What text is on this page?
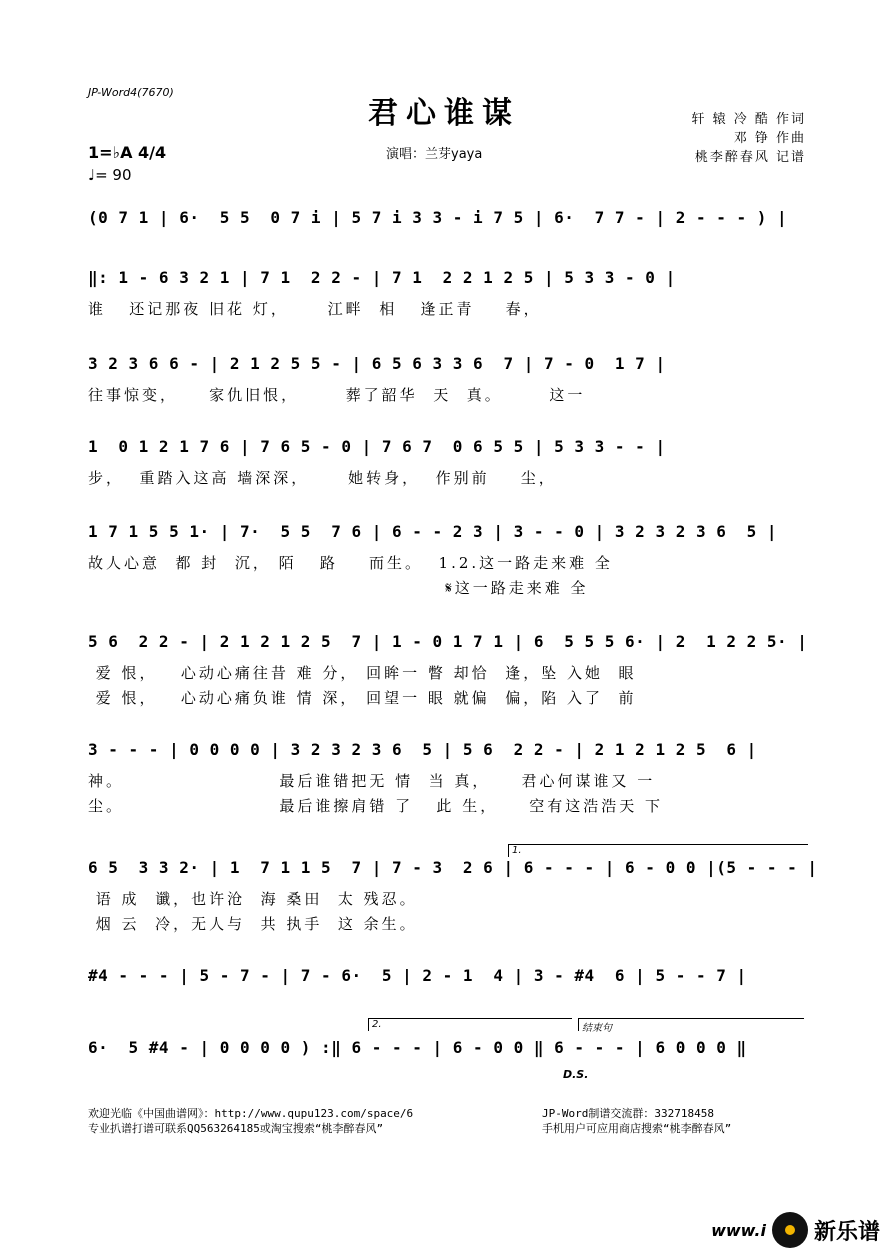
JP-Word4(7670)
君心谁谋
演唱：兰芽yaya
轩 辕 冷 酷 作词
邓 铮 作曲
桃李醉春风 记谱
1=♭A 4/4
♩= 90
(0 7 1 | 6·  5 5  0 7 i | 5 7 i 3 3 - i 7 5 | 6·  7 7 - | 2 - - - ) |
‖: 1 - 6 3 2 1 | 7 1  2 2 - | 7 1  2 2 1 2 5 | 5 3 3 - 0 |
谁   还记那夜 旧花 灯，     江畔  相   逢正青    春，
3 2 3 6 6 - | 2 1 2 5 5 - | 6 5 6 3 3 6  7 | 7 - 0  1 7 |
往事惊变，    家仇旧恨，      葬了韶华  天  真。      这一
1  0 1 2 1 7 6 | 7 6 5 - 0 | 7 6 7  0 6 5 5 | 5 3 3 - - |
步，  重踏入这高 墙深深，     她转身，  作别前    尘，
1 7 1 5 5 1· | 7·  5 5  7 6 | 6 - - 2 3 | 3 - - 0 | 3 2 3 2 3 6  5 |
故人心意  都 封  沉， 陌   路    而生。  1.2.这一路走来难 全
𝄋这一路走来难 全
5 6  2 2 - | 2 1 2 1 2 5  7 | 1 - 0 1 7 1 | 6  5 5 5 6· | 2  1 2 2 5· |
爱 恨，   心动心痛往昔 难 分， 回眸一 瞥 却恰  逢，坠 入她  眼
爱 恨，   心动心痛负谁 情 深， 回望一 眼 就偏  偏，陷 入了  前
3 - - - | 0 0 0 0 | 3 2 3 2 3 6  5 | 5 6  2 2 - | 2 1 2 1 2 5  6 |
神。                    最后谁错把无 情  当 真，    君心何谋谁又 一
尘。                    最后谁擦肩错 了   此 生，    空有这浩浩天 下
6 5  3 3 2· | 1  7 1 1 5  7 | 7 - 3  2 6 | 6 - - - | 6 - 0 0 |(5 - - - |
语 成  谶，也许沧  海 桑田  太 残忍。
烟 云  冷，无人与  共 执手  这 余生。
#4 - - - | 5 - 7 - | 7 - 6·  5 | 2 - 1  4 | 3 - #4  6 | 5 - - 7 |
6·  5 #4 - | 0 0 0 0 ) :‖ 6 - - - | 6 - 0 0 ‖ 6 - - - | 6 0 0 0 ‖
1.
2.	结束句
D.S.
欢迎光临《中国曲谱网》：http://www.qupu123.com/space/6
专业扒谱打谱可联系QQ563264185或淘宝搜索“桃李醉春风”
JP-Word制谱交流群：332718458
手机用户可应用商店搜索“桃李醉春风”
www.i 新乐谱
